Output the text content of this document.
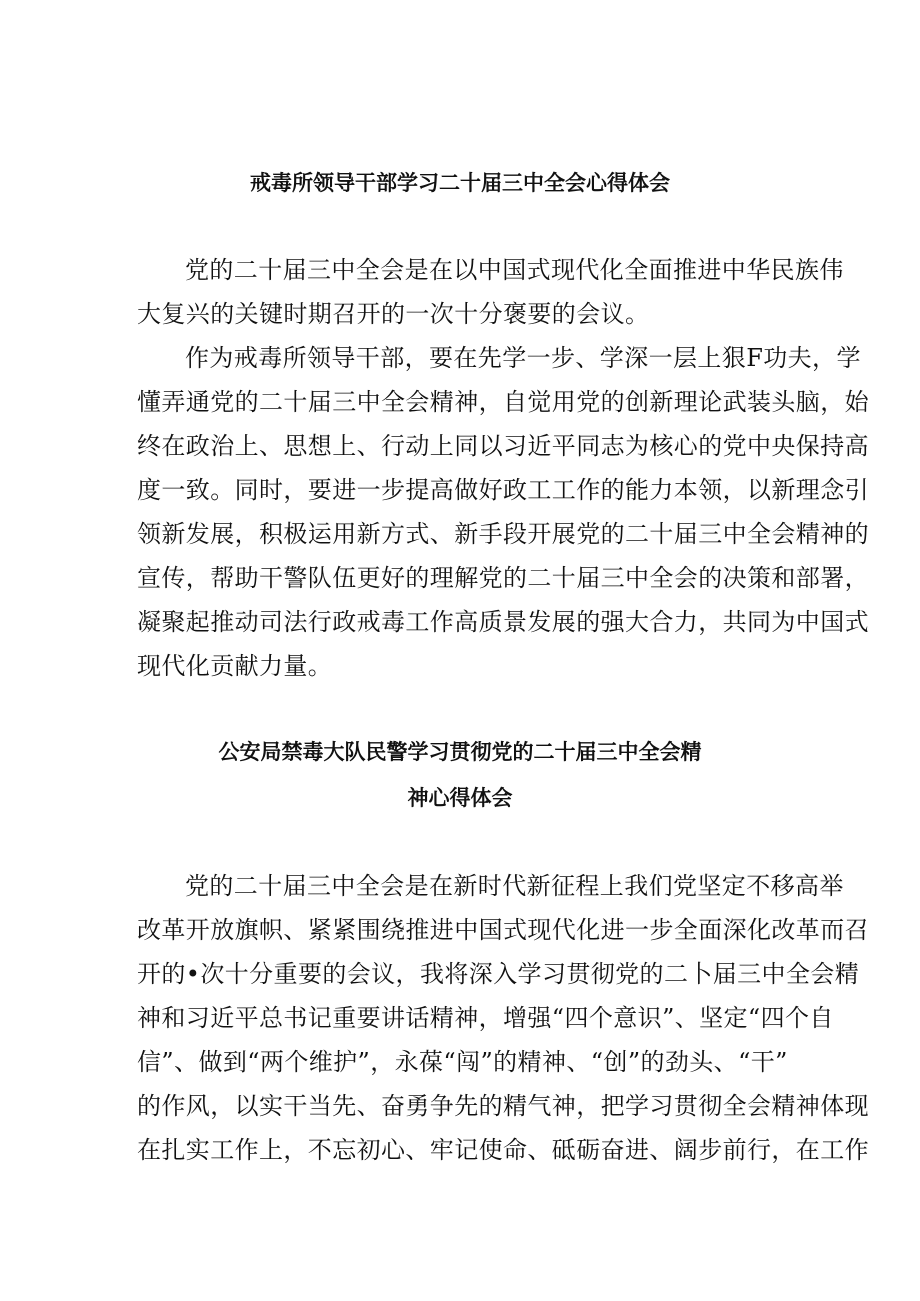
戒毒所领导干部学习二十届三中全会心得体会
党的二十届三中全会是在以中国式现代化全面推进中华民族伟
大复兴的关键时期召开的一次十分褒要的会议。
作为戒毒所领导干部，要在先学一步、学深一层上狠F功夫，学
懂弄通党的二十届三中全会精神，自觉用党的创新理论武装头脑，始
终在政治上、思想上、行动上同以习近平同志为核心的党中央保持高
度一致。同时，要进一步提高做好政工工作的能力本领，以新理念引
领新发展，积极运用新方式、新手段开展党的二十届三中全会精神的
宣传，帮助干警队伍更好的理解党的二十届三中全会的决策和部署，
凝聚起推动司法行政戒毒工作高质景发展的强大合力，共同为中国式
现代化贡献力量。
公安局禁毒大队民警学习贯彻党的二十届三中全会精
神心得体会
党的二十届三中全会是在新时代新征程上我们党坚定不移高举
改革开放旗帜、紧紧围绕推进中国式现代化进一步全面深化改革而召
开的•次十分重要的会议，我将深入学习贯彻党的二卜届三中全会精
神和习近平总书记重要讲话精神，增强“四个意识”、坚定“四个自
信”、做到“两个维护”，永葆“闯”的精神、“创”的劲头、“干”
的作风，以实干当先、奋勇争先的精气神，把学习贯彻全会精神体现
在扎实工作上，不忘初心、牢记使命、砥砺奋进、阔步前行，在工作
